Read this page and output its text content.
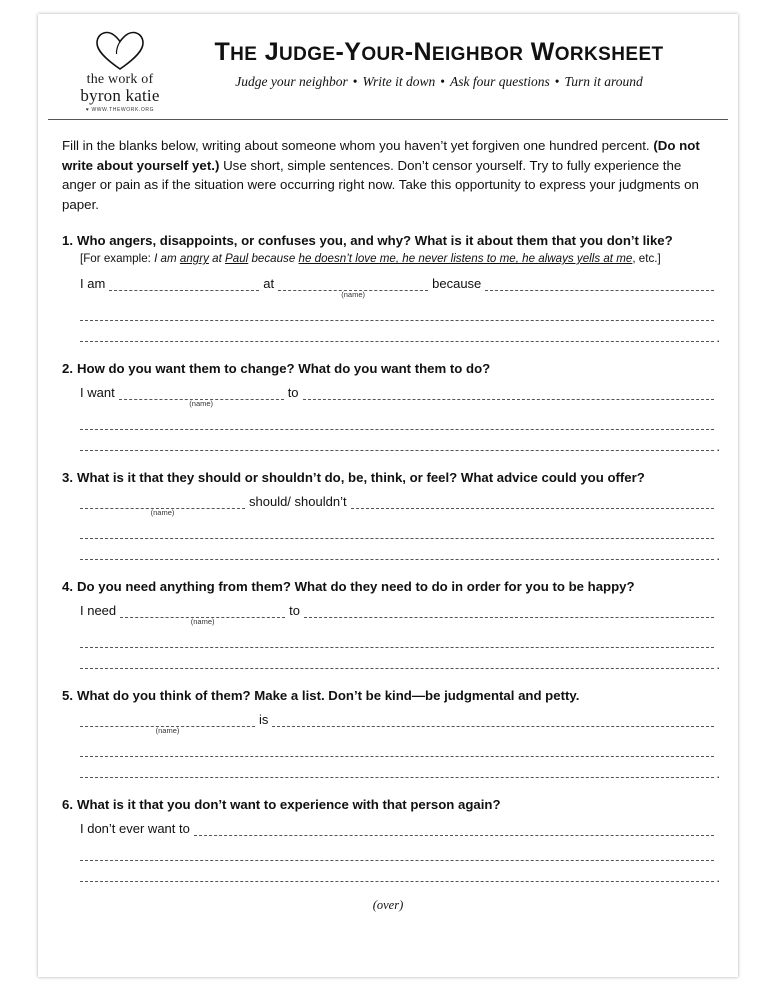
the work of
byron katie
♥ WWW.THEWORK.ORG
THE JUDGE-YOUR-NEIGHBOR WORKSHEET
Judge your neighbor • Write it down • Ask four questions • Turn it around
Fill in the blanks below, writing about someone whom you haven’t yet forgiven one hundred percent. (Do not write about yourself yet.) Use short, simple sentences. Don’t censor yourself. Try to fully experience the anger or pain as if the situation were occurring right now. Take this opportunity to express your judgments on paper.
1. Who angers, disappoints, or confuses you, and why? What is it about them that you don’t like?
[For example: I am angry at Paul because he doesn’t love me, he never listens to me, he always yells at me, etc.]
I am	at
(name)
because
.
2. How do you want them to change? What do you want them to do?
I want
(name)
to
.
3. What is it that they should or shouldn’t do, be, think, or feel? What advice could you offer?
(name)
should/ shouldn’t
.
4. Do you need anything from them? What do they need to do in order for you to be happy?
I need
(name)
to
.
5. What do you think of them? Make a list. Don’t be kind—be judgmental and petty.
(name)
is
.
6. What is it that you don’t want to experience with that person again?
I don’t ever want to
.
(over)
